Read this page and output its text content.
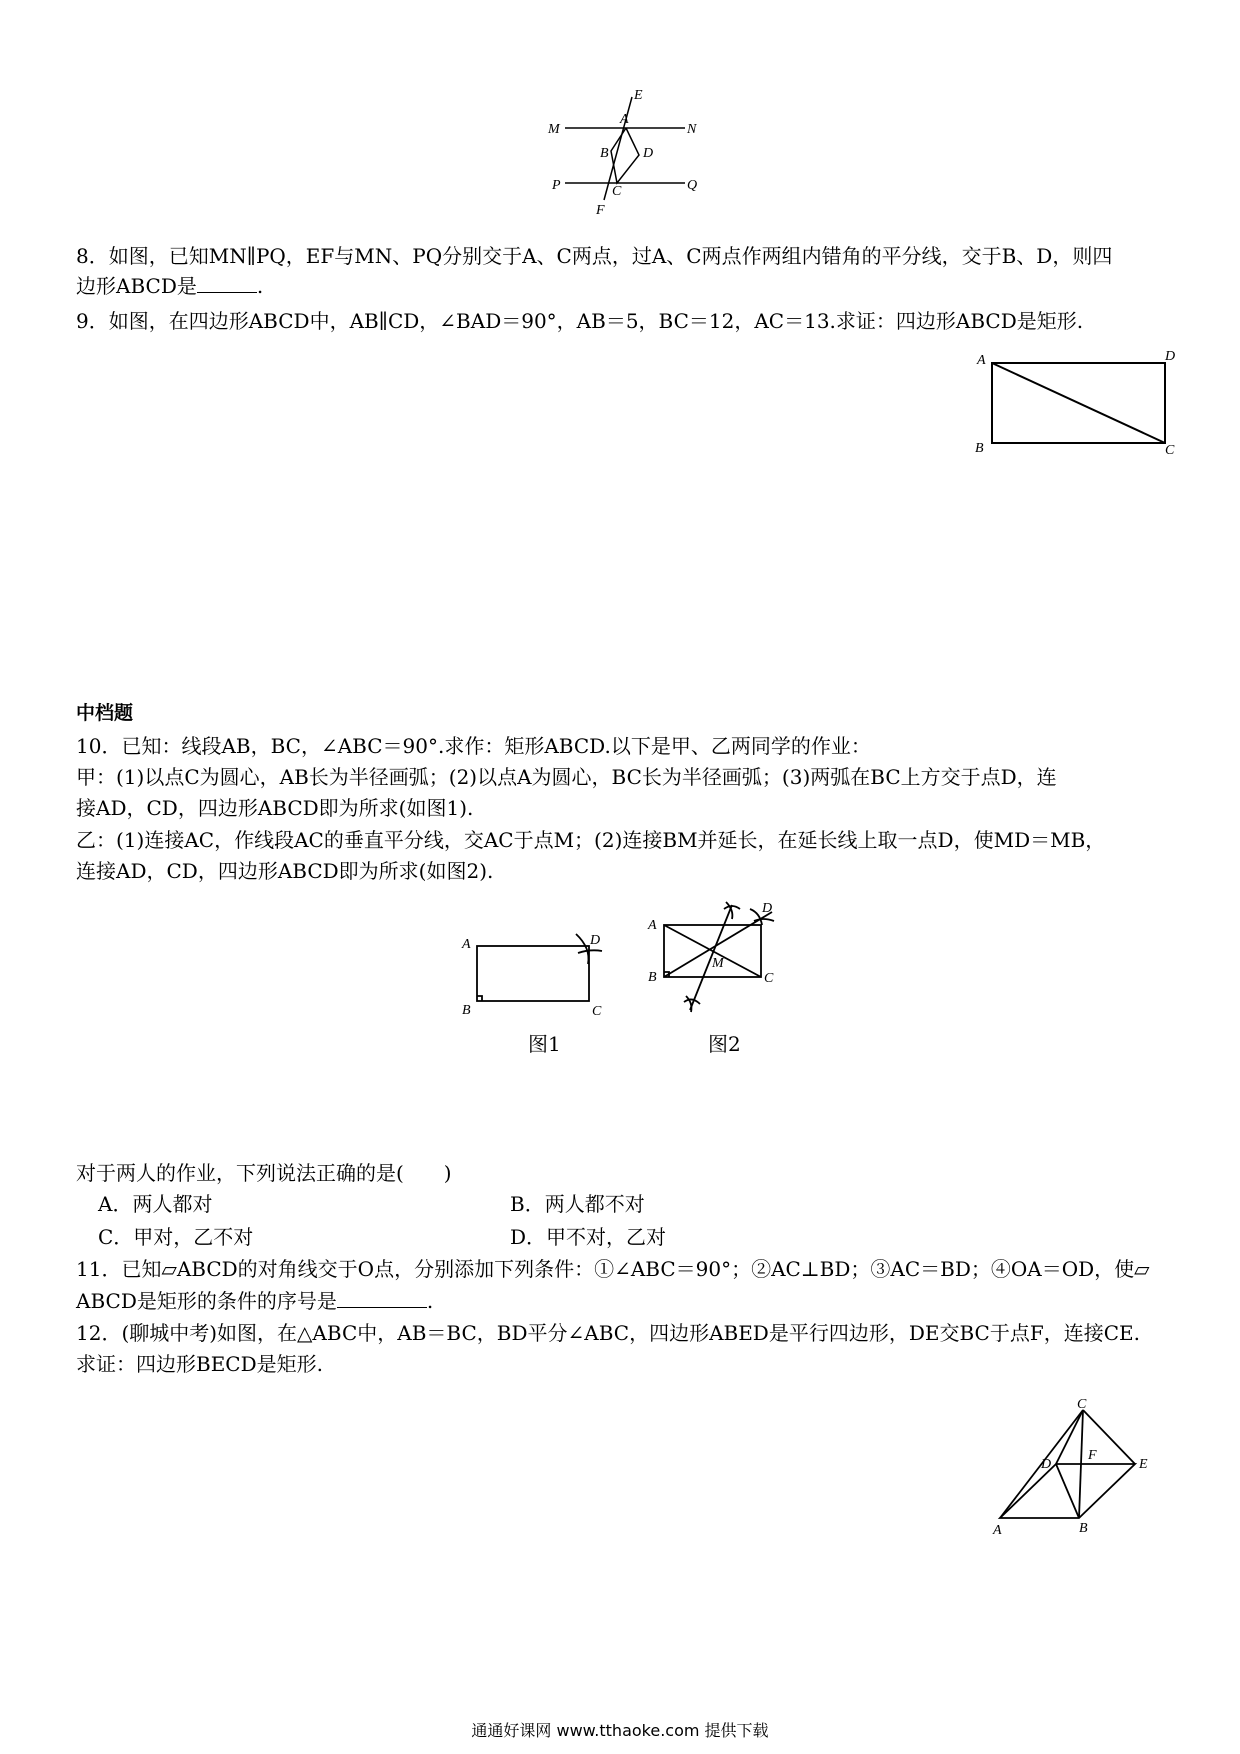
E
M
A
N
B D
P	C	Q
F
8．如图，已知MN∥PQ，EF与MN、PQ分别交于A、C两点，过A、C两点作两组内错角的平分线，交于B、D，则四
边形ABCD是	.
9．如图，在四边形ABCD中，AB∥CD，∠BAD＝90°，AB＝5，BC＝12，AC＝13.求证：四边形ABCD是矩形.
A	D
B	C
中档题
10．已知：线段AB，BC，∠ABC＝90°.求作：矩形ABCD.以下是甲、乙两同学的作业：
甲：(1)以点C为圆心，AB长为半径画弧；(2)以点A为圆心，BC长为半径画弧；(3)两弧在BC上方交于点D，连
接AD，CD，四边形ABCD即为所求(如图1).
乙：(1)连接AC，作线段AC的垂直平分线，交AC于点M；(2)连接BM并延长，在延长线上取一点D，使MD＝MB，
连接AD，CD，四边形ABCD即为所求(如图2).
A	D
B	C
图1
A
D
M
B	C
图2
对于两人的作业，下列说法正确的是(　　)
A．两人都对	B．两人都不对
C．甲对，乙不对	D．甲不对，乙对
11．已知▱ABCD的对角线交于O点，分别添加下列条件：①∠ABC＝90°；②AC⊥BD；③AC＝BD；④OA＝OD，使▱
ABCD是矩形的条件的序号是	.
12．(聊城中考)如图，在△ABC中，AB＝BC，BD平分∠ABC，四边形ABED是平行四边形，DE交BC于点F，连接CE.
求证：四边形BECD是矩形.
C
D
F
E
A	B
通通好课网 www.tthaoke.com 提供下载
